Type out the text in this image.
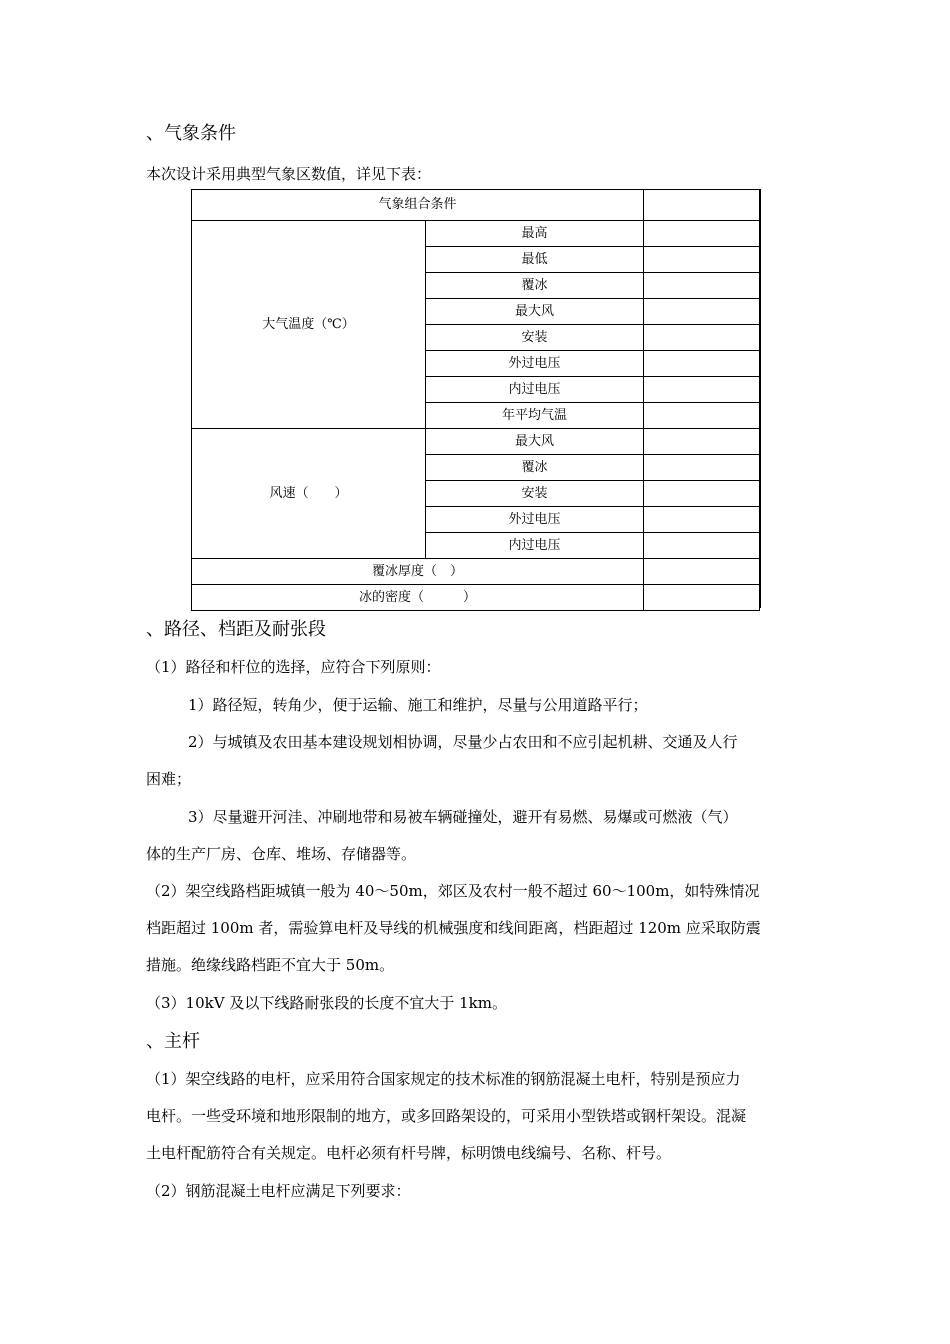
、气象条件
本次设计采用典型气象区数值，详见下表：
气象组合条件		
大气温度（℃）	最高	
	最低	
	覆冰	
	最大风	
	安装	
	外过电压	
	内过电压	
	年平均气温	
风速（　　）	最大风	
	覆冰	
	安装	
	外过电压	
	内过电压	
覆冰厚度（　）		
冰的密度（　　　）		
、路径、档距及耐张段
（1）路径和杆位的选择，应符合下列原则：
1）路径短，转角少，便于运输、施工和维护，尽量与公用道路平行；
2）与城镇及农田基本建设规划相协调，尽量少占农田和不应引起机耕、交通及人行
困难；
3）尽量避开河洼、冲刷地带和易被车辆碰撞处，避开有易燃、易爆或可燃液（气）
体的生产厂房、仓库、堆场、存储器等。
（2）架空线路档距城镇一般为 40～50m，郊区及农村一般不超过 60～100m，如特殊情况
档距超过 100m 者，需验算电杆及导线的机械强度和线间距离，档距超过 120m 应采取防震
措施。绝缘线路档距不宜大于 50m。
（3）10kV 及以下线路耐张段的长度不宜大于 1km。
、主杆
（1）架空线路的电杆，应采用符合国家规定的技术标准的钢筋混凝土电杆，特别是预应力
电杆。一些受环境和地形限制的地方，或多回路架设的，可采用小型铁塔或钢杆架设。混凝
土电杆配筋符合有关规定。电杆必须有杆号牌，标明馈电线编号、名称、杆号。
（2）钢筋混凝土电杆应满足下列要求：
